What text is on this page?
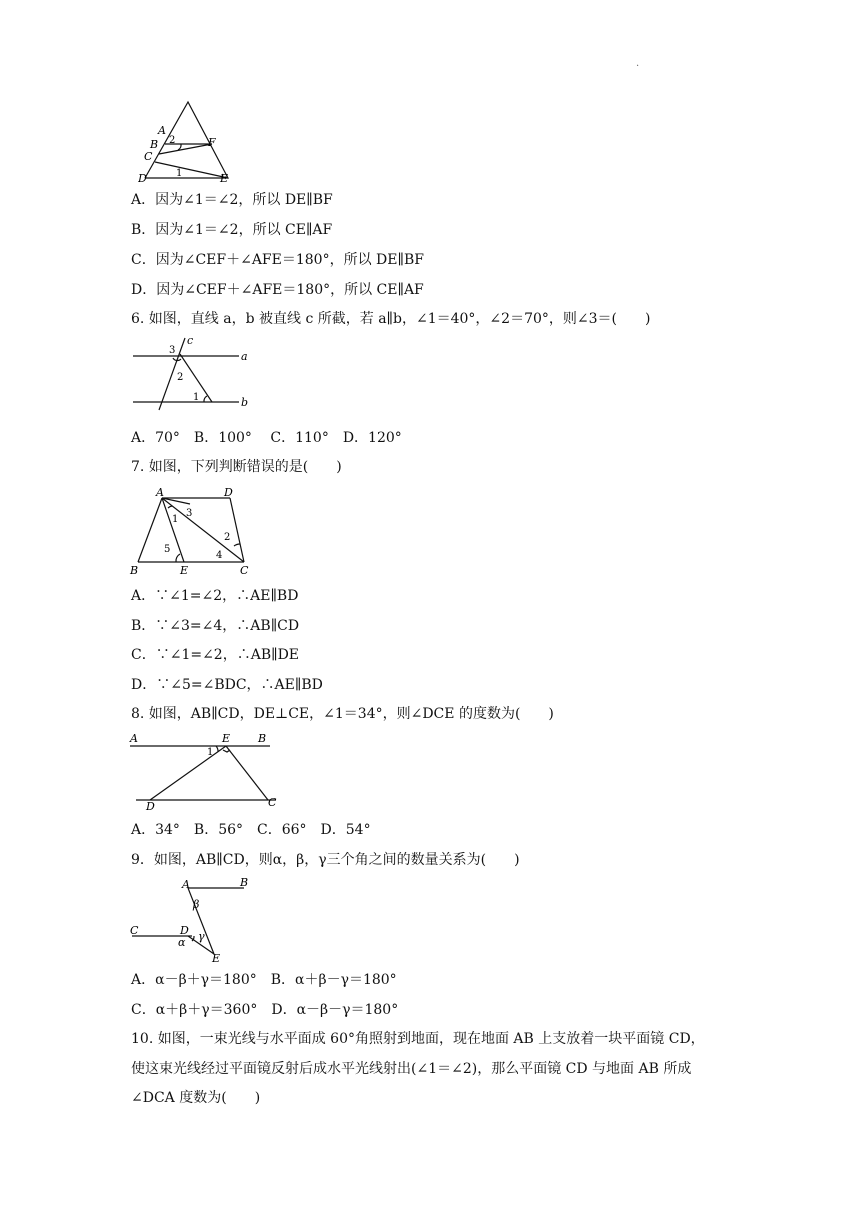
.
A
B
C
D	E
F
2
1
A．因为∠1＝∠2，所以 DE∥BF
B．因为∠1＝∠2，所以 CE∥AF
C．因为∠CEF＋∠AFE＝180°，所以 DE∥BF
D．因为∠CEF＋∠AFE＝180°，所以 CE∥AF
6. 如图，直线 a，b 被直线 c 所截，若 a∥b，∠1＝40°，∠2＝70°，则∠3＝(　　)
c
a
b
3
2
1
A．70°　B．100°　 C．110°　D．120°
7. 如图，下列判断错误的是(　　)
A	D
B	E	C
1
3
2
4
5
A．∵∠1=∠2，∴AE∥BD
B．∵∠3=∠4，∴AB∥CD
C．∵∠1=∠2，∴AB∥DE
D．∵∠5=∠BDC，∴AE∥BD
8. 如图，AB∥CD，DE⊥CE，∠1＝34°，则∠DCE 的度数为(　　)
A	E	B
D	C
1
A．34°　B．56°　C．66°　D．54°
9．如图，AB∥CD，则α，β，γ三个角之间的数量关系为(　　)
A	B
C	D
E
β
α γ
A．α－β＋γ＝180°　B．α＋β－γ＝180°
C．α＋β＋γ＝360°　D．α－β－γ＝180°
10. 如图，一束光线与水平面成 60°角照射到地面，现在地面 AB 上支放着一块平面镜 CD，
使这束光线经过平面镜反射后成水平光线射出(∠1＝∠2)，那么平面镜 CD 与地面 AB 所成
∠DCA 度数为(　　)
